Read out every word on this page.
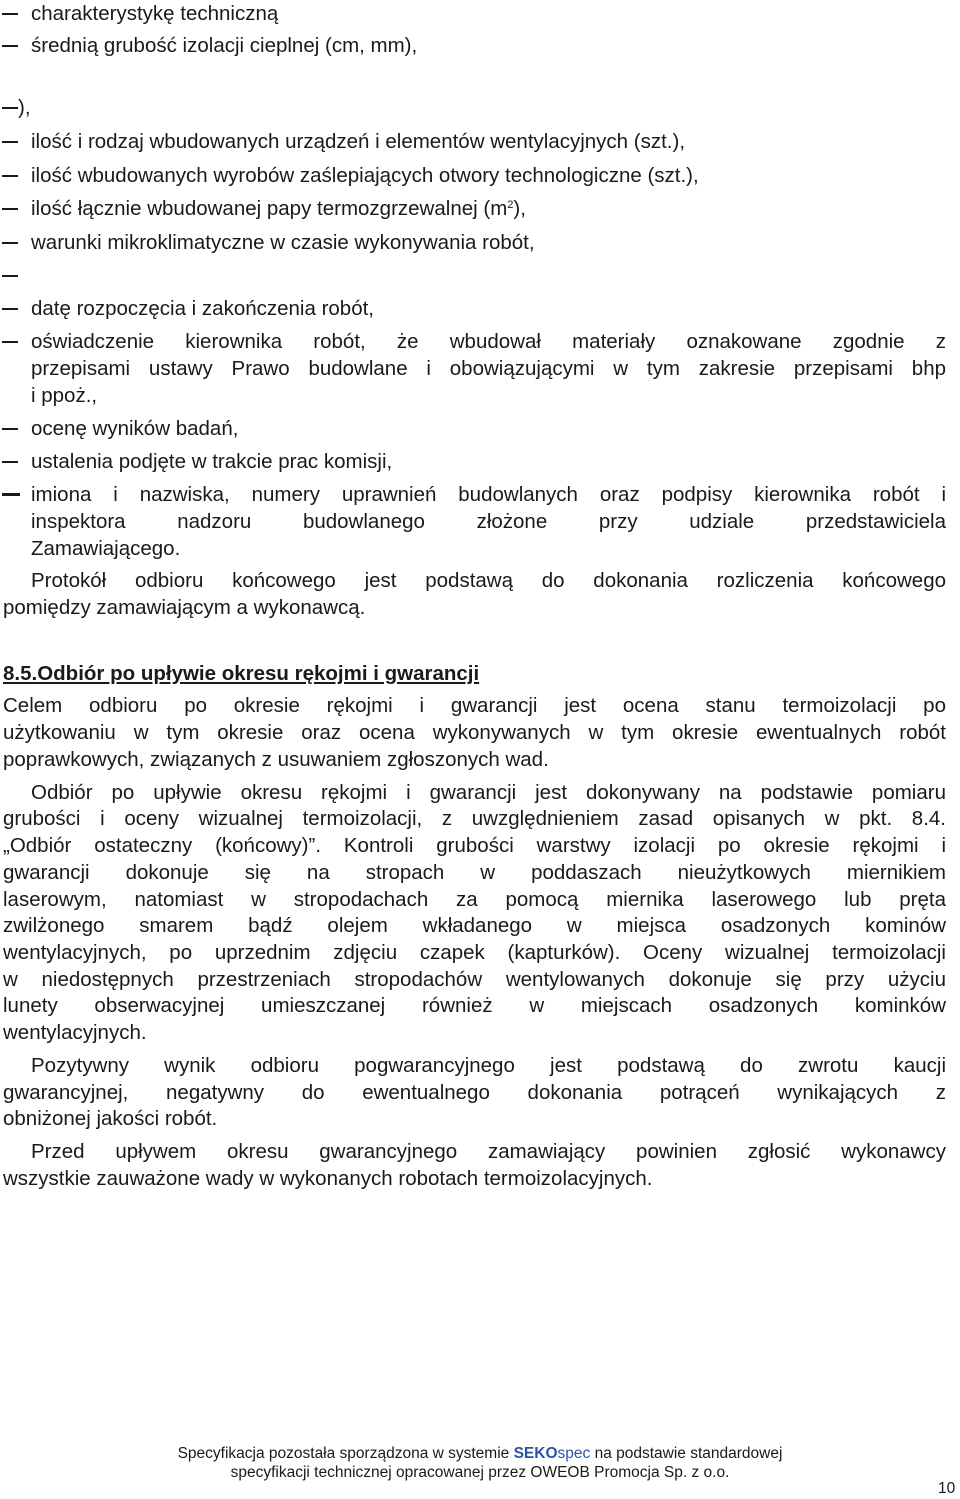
charakterystykę techniczną
średnią grubość izolacji cieplnej (cm, mm),
),
ilość i rodzaj wbudowanych urządzeń i elementów wentylacyjnych (szt.),
ilość wbudowanych wyrobów zaślepiających otwory technologiczne (szt.),
ilość łącznie wbudowanej papy termozgrzewalnej $(m^2)$,
warunki mikroklimatyczne w czasie wykonywania robót,
datę rozpoczęcia i zakończenia robót,
oświadczenie kierownika robót, że wbudował materiały oznakowane zgodnie z
przepisami ustawy Prawo budowlane i obowiązującymi w tym zakresie przepisami bhp
i ppoż.,
ocenę wyników badań,
ustalenia podjęte w trakcie prac komisji,
imiona i nazwiska, numery uprawnień budowlanych oraz podpisy kierownika robót i
inspektora nadzoru budowlanego złożone przy udziale przedstawiciela
Zamawiającego.
Protokół odbioru końcowego jest podstawą do dokonania rozliczenia końcowego
pomiędzy zamawiającym a wykonawcą.
8.5.Odbiór po upływie okresu rękojmi i gwarancji
Celem odbioru po okresie rękojmi i gwarancji jest ocena stanu termoizolacji po
użytkowaniu w tym okresie oraz ocena wykonywanych w tym okresie ewentualnych robót
poprawkowych, związanych z usuwaniem zgłoszonych wad.
Odbiór po upływie okresu rękojmi i gwarancji jest dokonywany na podstawie pomiaru
grubości i oceny wizualnej termoizolacji, z uwzględnieniem zasad opisanych w pkt. 8.4.
„Odbiór ostateczny (końcowy)”. Kontroli grubości warstwy izolacji po okresie rękojmi i
gwarancji dokonuje się na stropach w poddaszach nieużytkowych miernikiem
laserowym, natomiast w stropodachach za pomocą miernika laserowego lub pręta
zwilżonego smarem bądź olejem wkładanego w miejsca osadzonych kominów
wentylacyjnych, po uprzednim zdjęciu czapek (kapturków). Oceny wizualnej termoizolacji
w niedostępnych przestrzeniach stropodachów wentylowanych dokonuje się przy użyciu
lunety obserwacyjnej umieszczanej również w miejscach osadzonych kominków
wentylacyjnych.
Pozytywny wynik odbioru pogwarancyjnego jest podstawą do zwrotu kaucji
gwarancyjnej, negatywny do ewentualnego dokonania potrąceń wynikających z
obniżonej jakości robót.
Przed upływem okresu gwarancyjnego zamawiający powinien zgłosić wykonawcy
wszystkie zauważone wady w wykonanych robotach termoizolacyjnych.
Specyfikacja pozostała sporządzona w systemie SEKOspec na podstawie standardowej
specyfikacji technicznej opracowanej przez OWEOB Promocja Sp. z o.o.
10
